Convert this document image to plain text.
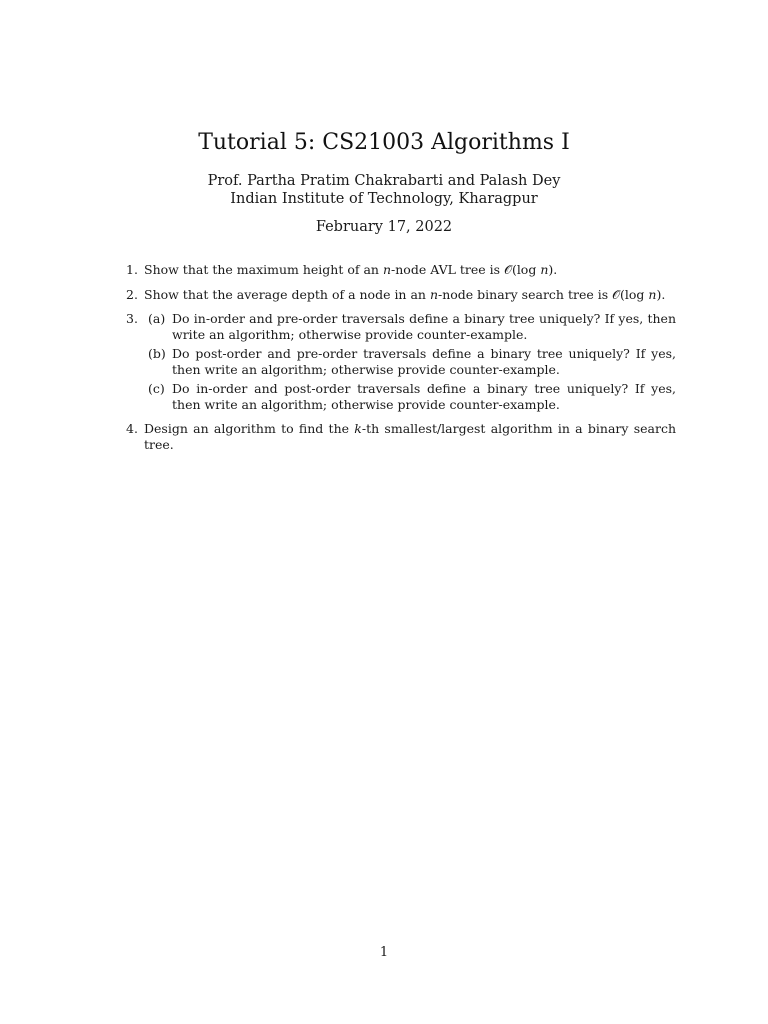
Tutorial 5: CS21003 Algorithms I
Prof. Partha Pratim Chakrabarti and Palash Dey
Indian Institute of Technology, Kharagpur
February 17, 2022
1. Show that the maximum height of an n-node AVL tree is 𝒪(log n).
2. Show that the average depth of a node in an n-node binary search tree is 𝒪(log n).
3. (a) Do in-order and pre-order traversals define a binary tree uniquely? If yes, then write an algorithm; otherwise provide counter-example.
(b) Do post-order and pre-order traversals define a binary tree uniquely? If yes, then write an algorithm; otherwise provide counter-example.
(c) Do in-order and post-order traversals define a binary tree uniquely? If yes, then write an algorithm; otherwise provide counter-example.
4. Design an algorithm to find the k-th smallest/largest algorithm in a binary search tree.
1
